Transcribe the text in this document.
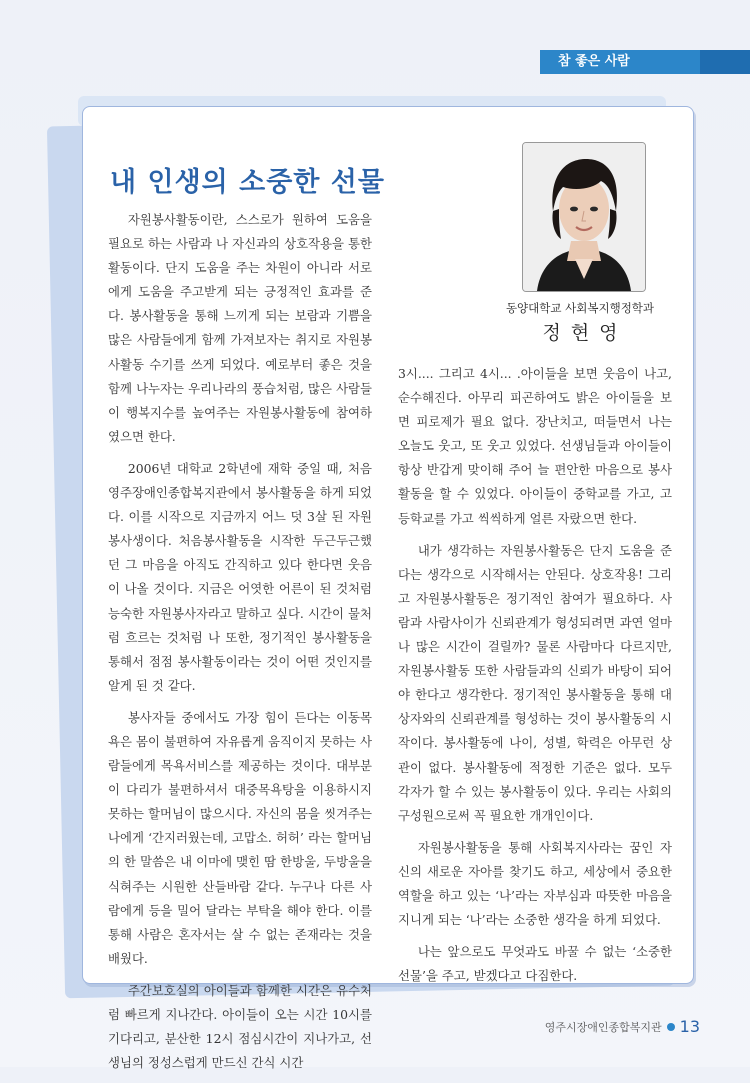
참 좋은 사람
내 인생의 소중한 선물
동양대학교 사회복지행정학과
정현영

자원봉사활동이란, 스스로가 원하여 도움을 필요로 하는 사람과 나 자신과의 상호작용을 통한 활동이다. 단지 도움을 주는 차원이 아니라 서로에게 도움을 주고받게 되는 긍정적인 효과를 준다. 봉사활동을 통해 느끼게 되는 보람과 기쁨을 많은 사람들에게 함께 가져보자는 취지로 자원봉사활동 수기를 쓰게 되었다. 예로부터 좋은 것을 함께 나누자는 우리나라의 풍습처럼, 많은 사람들이 행복지수를 높여주는 자원봉사활동에 참여하였으면 한다.

2006년 대학교 2학년에 재학 중일 때, 처음 영주장애인종합복지관에서 봉사활동을 하게 되었다. 이를 시작으로 지금까지 어느 덧 3살 된 자원봉사생이다. 처음봉사활동을 시작한 두근두근했던 그 마음을 아직도 간직하고 있다 한다면 웃음이 나올 것이다. 지금은 어엿한 어른이 된 것처럼 능숙한 자원봉사자라고 말하고 싶다. 시간이 물처럼 흐르는 것처럼 나 또한, 정기적인 봉사활동을 통해서 점점 봉사활동이라는 것이 어떤 것인지를 알게 된 것 같다.

봉사자들 중에서도 가장 힘이 든다는 이동목욕은 몸이 불편하여 자유롭게 움직이지 못하는 사람들에게 목욕서비스를 제공하는 것이다. 대부분이 다리가 불편하셔서 대중목욕탕을 이용하시지 못하는 할머님이 많으시다. 자신의 몸을 씻겨주는 나에게 ‘간지러웠는데, 고맙소. 허허’ 라는 할머님의 한 말씀은 내 이마에 맺힌 땀 한방울, 두방울을 식혀주는 시원한 산들바람 같다. 누구나 다른 사람에게 등을 밀어 달라는 부탁을 해야 한다. 이를 통해 사람은 혼자서는 살 수 없는 존재라는 것을 배웠다.

주간보호실의 아이들과 함께한 시간은 유수처럼 빠르게 지나간다. 아이들이 오는 시간 10시를 기다리고, 분산한 12시 점심시간이 지나가고, 선생님의 정성스럽게 만드신 간식 시간

3시.... 그리고 4시... .아이들을 보면 웃음이 나고, 순수해진다. 아무리 피곤하여도 밝은 아이들을 보면 피로제가 필요 없다. 장난치고, 떠들면서 나는 오늘도 웃고, 또 웃고 있었다. 선생님들과 아이들이 항상 반갑게 맞이해 주어 늘 편안한 마음으로 봉사활동을 할 수 있었다. 아이들이 중학교를 가고, 고등학교를 가고 씩씩하게 얼른 자랐으면 한다.

내가 생각하는 자원봉사활동은 단지 도움을 준다는 생각으로 시작해서는 안된다. 상호작용! 그리고 자원봉사활동은 정기적인 참여가 필요하다. 사람과 사람사이가 신뢰관계가 형성되려면 과연 얼마나 많은 시간이 걸릴까? 물론 사람마다 다르지만, 자원봉사활동 또한 사람들과의 신뢰가 바탕이 되어야 한다고 생각한다. 정기적인 봉사활동을 통해 대상자와의 신뢰관계를 형성하는 것이 봉사활동의 시작이다. 봉사활동에 나이, 성별, 학력은 아무런 상관이 없다. 봉사활동에 적정한 기준은 없다. 모두 각자가 할 수 있는 봉사활동이 있다. 우리는 사회의 구성원으로써 꼭 필요한 개개인이다.

자원봉사활동을 통해 사회복지사라는 꿈인 자신의 새로운 자아를 찾기도 하고, 세상에서 중요한 역할을 하고 있는 ‘나’라는 자부심과 따뜻한 마음을 지니게 되는 ‘나’라는 소중한 생각을 하게 되었다.

나는 앞으로도 무엇과도 바꿀 수 없는 ‘소중한 선물’을 주고, 받겠다고 다짐한다.

영주시장애인종합복지관 13
